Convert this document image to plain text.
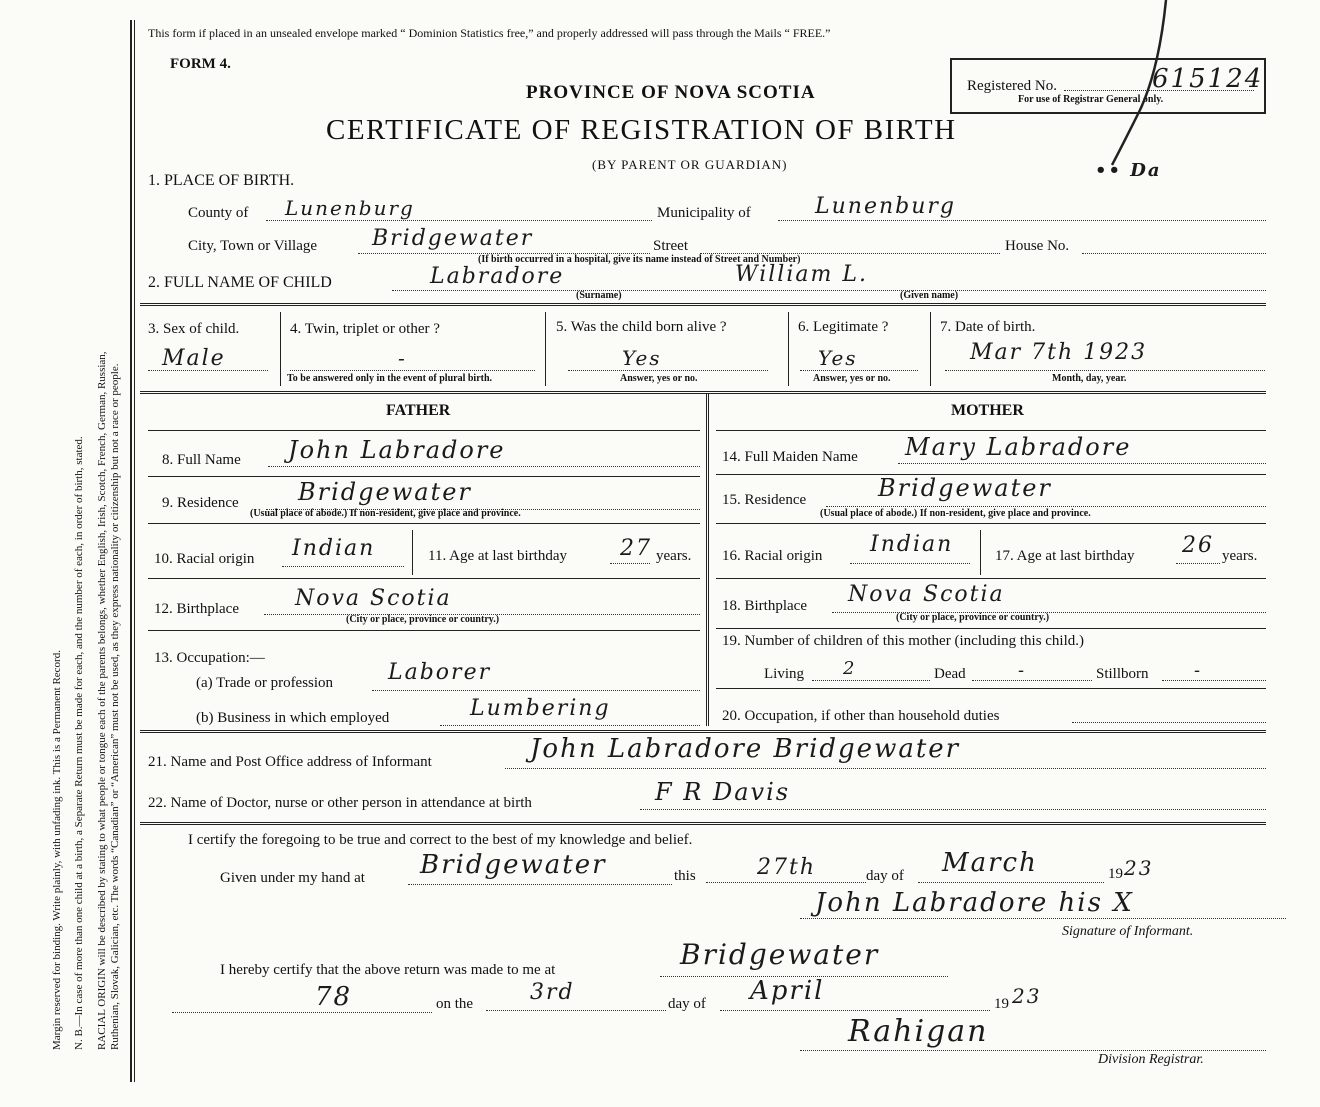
Margin reserved for binding. Write plainly, with unfading ink. This is a Permanent Record. N. B.—In case of more than one child at a birth, a Separate Return must be made for each, and the number of each, in order of birth, stated. RACIAL ORIGIN will be described by stating to what people or tongue each of the parents belongs, whether English, Irish, Scotch, French, German, Russian, Ruthenian, Slovak, Galician, etc. The words “Canadian” or “American” must not be used, as they express nationality or citizenship but not a race or people.
This form if placed in an unsealed envelope marked “ Dominion Statistics free,” and properly addressed will pass through the Mails “ FREE.”
FORM 4.
PROVINCE OF NOVA SCOTIA
CERTIFICATE OF REGISTRATION OF BIRTH
(BY PARENT OR GUARDIAN)
Registered No.	615124
For use of Registrar General only.
•• Da
1. PLACE OF BIRTH.
County of Lunenburg	Municipality of	Lunenburg
City, Town or Village Bridgewater	Street
(If birth occurred in a hospital, give its name instead of Street and Number)
House No.
2. FULL NAME OF CHILD	Labradore	William L.
(Surname)	(Given name)
3. Sex of child.
Male
4. Twin, triplet or other ?
-
To be answered only in the event of plural birth.
5. Was the child born alive ?
Yes
Answer, yes or no.
6. Legitimate ?
Yes
Answer, yes or no.
7. Date of birth.
Mar 7th 1923
Month, day, year.
FATHER	MOTHER
8. Full Name John Labradore
9. Residence Bridgewater
(Usual place of abode.) If non-resident, give place and province.
10. Racial origin Indian	11. Age at last birthday 27 years.
12. Birthplace	Nova Scotia
(City or place, province or country.)
13. Occupation:—
(a) Trade or profession Laborer
(b) Business in which employed	Lumbering
14. Full Maiden Name Mary Labradore
15. Residence	Bridgewater
(Usual place of abode.) If non-resident, give place and province.
16. Racial origin Indian	17. Age at last birthday 26 years.
18. Birthplace Nova Scotia
(City or place, province or country.)
19. Number of children of this mother (including this child.)
Living 2	Dead	-	Stillborn	-
20. Occupation, if other than household duties
21. Name and Post Office address of Informant	John Labradore Bridgewater
22. Name of Doctor, nurse or other person in attendance at birth	F R Davis
I certify the foregoing to be true and correct to the best of my knowledge and belief.
Given under my hand at Bridgewater	this	27th	day of March	19 23
John Labradore his X
Signature of Informant.
I hereby certify that the above return was made to me at	Bridgewater
78	on the	3rd	day of April	19 23
Rahigan
Division Registrar.
